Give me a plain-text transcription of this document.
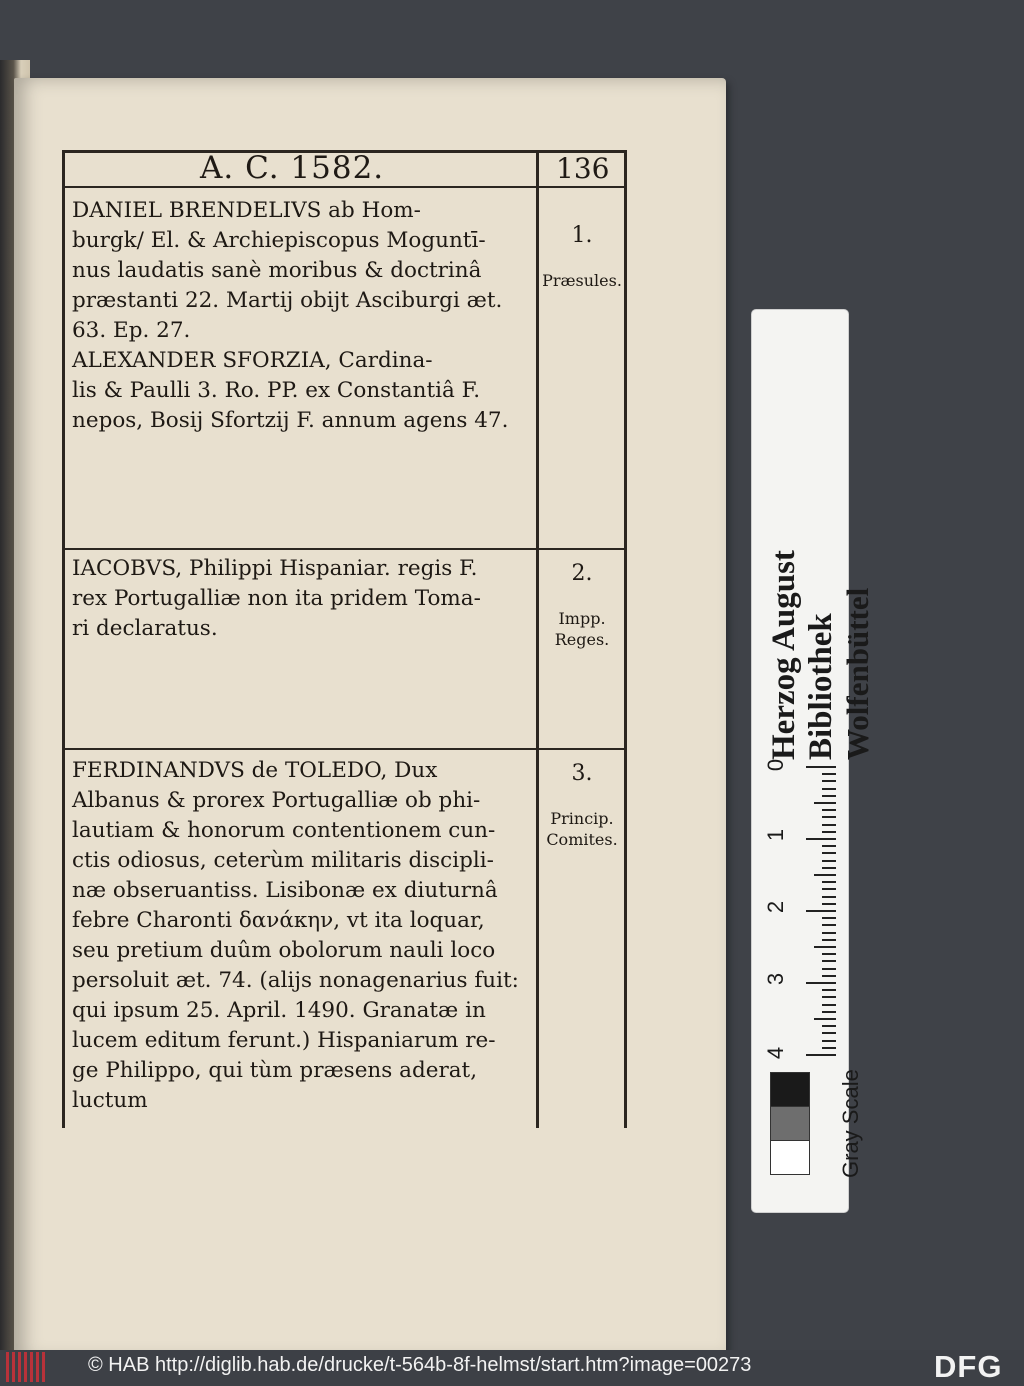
A. C. 1582.	136
DANIEL BRENDELIVS ab Hom-
burgk/ El. & Archiepiscopus Moguntī-
nus laudatis sanè moribus & doctrinâ
præstanti 22. Martij obijt Asciburgi æt.
63. Ep. 27.
ALEXANDER SFORZIA, Cardina-
lis & Paulli 3. Ro. PP. ex Constantiâ F.
nepos, Bosij Sfortzij F. annum agens 47.

1.

Præsules.

IACOBVS, Philippi Hispaniar. regis F.
rex Portugalliæ non ita pridem Toma-
ri declaratus.

2.

Impp.
Reges.

FERDINANDVS de TOLEDO, Dux
Albanus & prorex Portugalliæ ob phi-
lautiam & honorum contentionem cun-
ctis odiosus, ceterùm militaris discipli-
næ obseruantiss. Lisibonæ ex diuturnâ
febre Charonti δανάκην, vt ita loquar,
seu pretium duûm obolorum nauli loco
persoluit æt. 74. (alijs nonagenarius fuit:
qui ipsum 25. April. 1490. Granatæ in
lucem editum ferunt.) Hispaniarum re-
ge Philippo, qui tùm præsens aderat,
luctum

3.

Princip.
Comites.

Herzog August Bibliothek Wolfenbüttel
0
1
2
3
4
Gray Scale
© HAB http://diglib.hab.de/drucke/t-564b-8f-helmst/start.htm?image=00273	DFG
